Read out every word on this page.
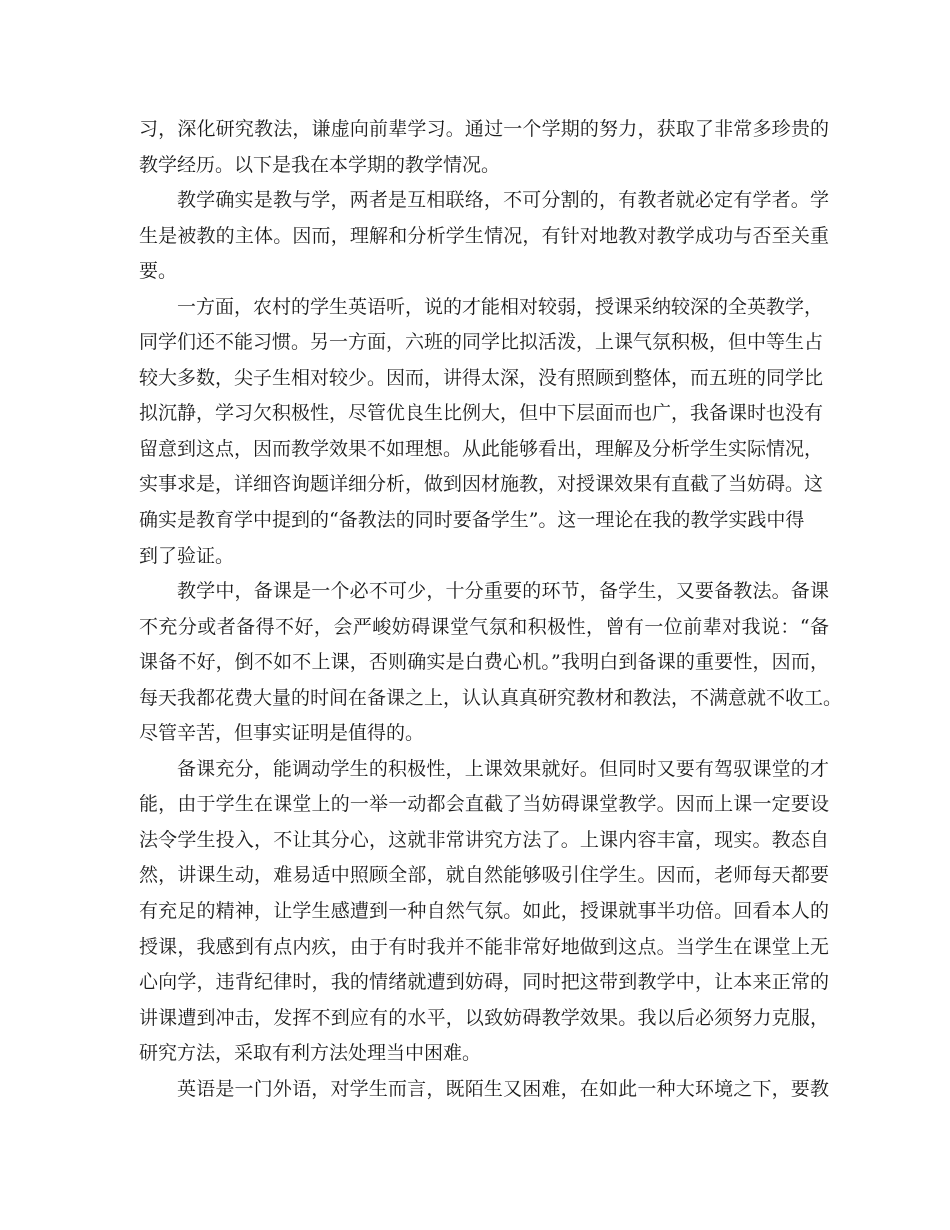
习，深化研究教法，谦虚向前辈学习。通过一个学期的努力，获取了非常多珍贵的
教学经历。以下是我在本学期的教学情况。
教学确实是教与学，两者是互相联络，不可分割的，有教者就必定有学者。学
生是被教的主体。因而，理解和分析学生情况，有针对地教对教学成功与否至关重
要。
一方面，农村的学生英语听，说的才能相对较弱，授课采纳较深的全英教学，
同学们还不能习惯。另一方面，六班的同学比拟活泼，上课气氛积极，但中等生占
较大多数，尖子生相对较少。因而，讲得太深，没有照顾到整体，而五班的同学比
拟沉静，学习欠积极性，尽管优良生比例大，但中下层面而也广，我备课时也没有
留意到这点，因而教学效果不如理想。从此能够看出，理解及分析学生实际情况，
实事求是，详细咨询题详细分析，做到因材施教，对授课效果有直截了当妨碍。这
确实是教育学中提到的“备教法的同时要备学生”。这一理论在我的教学实践中得
到了验证。
教学中，备课是一个必不可少，十分重要的环节，备学生，又要备教法。备课
不充分或者备得不好，会严峻妨碍课堂气氛和积极性，曾有一位前辈对我说：“备
课备不好，倒不如不上课，否则确实是白费心机。”我明白到备课的重要性，因而，
每天我都花费大量的时间在备课之上，认认真真研究教材和教法，不满意就不收工。
尽管辛苦，但事实证明是值得的。
备课充分，能调动学生的积极性，上课效果就好。但同时又要有驾驭课堂的才
能，由于学生在课堂上的一举一动都会直截了当妨碍课堂教学。因而上课一定要设
法令学生投入，不让其分心，这就非常讲究方法了。上课内容丰富，现实。教态自
然，讲课生动，难易适中照顾全部，就自然能够吸引住学生。因而，老师每天都要
有充足的精神，让学生感遭到一种自然气氛。如此，授课就事半功倍。回看本人的
授课，我感到有点内疚，由于有时我并不能非常好地做到这点。当学生在课堂上无
心向学，违背纪律时，我的情绪就遭到妨碍，同时把这带到教学中，让本来正常的
讲课遭到冲击，发挥不到应有的水平，以致妨碍教学效果。我以后必须努力克服，
研究方法，采取有利方法处理当中困难。
英语是一门外语，对学生而言，既陌生又困难，在如此一种大环境之下，要教
